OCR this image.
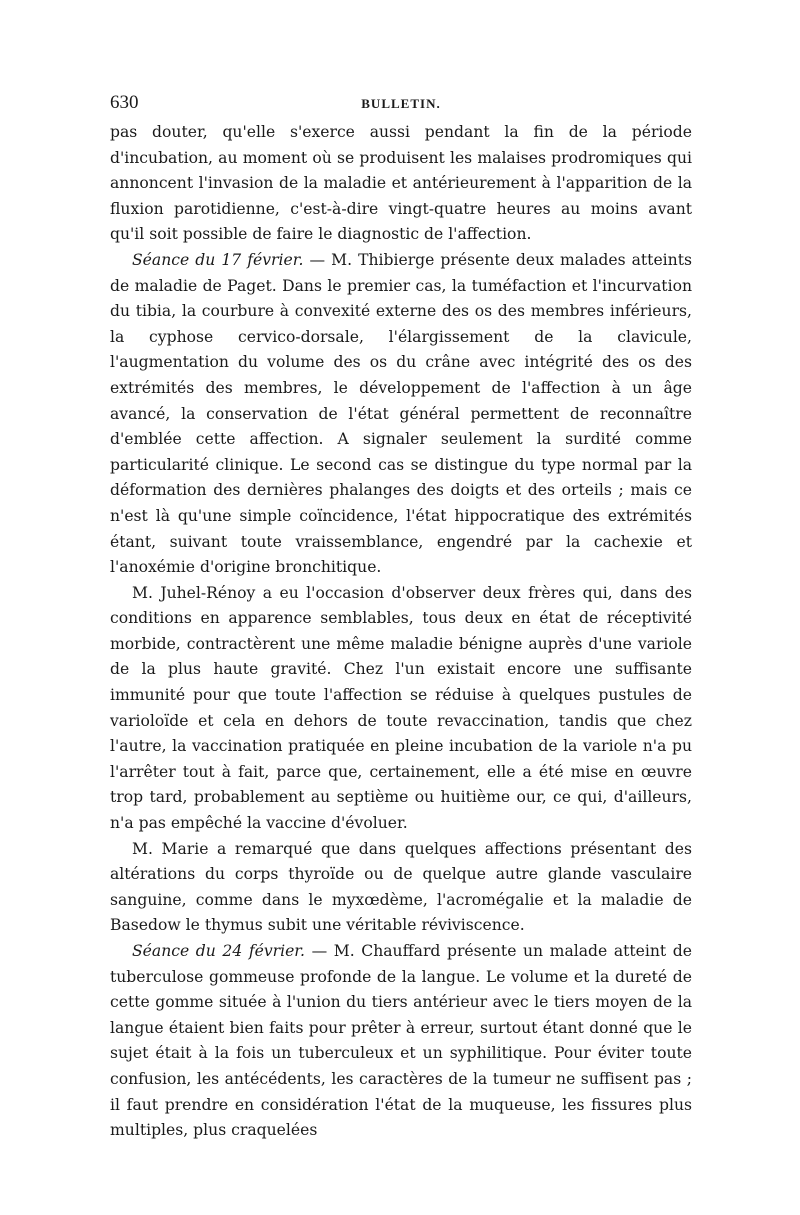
630	BULLETIN.

pas douter, qu'elle s'exerce aussi pendant la fin de la période d'incubation, au moment où se produisent les malaises prodromiques qui annoncent l'invasion de la maladie et antérieurement à l'apparition de la fluxion parotidienne, c'est-à-dire vingt-quatre heures au moins avant qu'il soit possible de faire le diagnostic de l'affection.

Séance du 17 février. — M. Thibierge présente deux malades atteints de maladie de Paget. Dans le premier cas, la tuméfaction et l'incurvation du tibia, la courbure à convexité externe des os des membres inférieurs, la cyphose cervico-dorsale, l'élargissement de la clavicule, l'augmentation du volume des os du crâne avec intégrité des os des extrémités des membres, le développement de l'affection à un âge avancé, la conservation de l'état général permettent de reconnaître d'emblée cette affection. A signaler seulement la surdité comme particularité clinique. Le second cas se distingue du type normal par la déformation des dernières phalanges des doigts et des orteils ; mais ce n'est là qu'une simple coïncidence, l'état hippocratique des extrémités étant, suivant toute vraissemblance, engendré par la cachexie et l'anoxémie d'origine bronchitique.

M. Juhel-Rénoy a eu l'occasion d'observer deux frères qui, dans des conditions en apparence semblables, tous deux en état de réceptivité morbide, contractèrent une même maladie bénigne auprès d'une variole de la plus haute gravité. Chez l'un existait encore une suffisante immunité pour que toute l'affection se réduise à quelques pustules de varioloïde et cela en dehors de toute revaccination, tandis que chez l'autre, la vaccination pratiquée en pleine incubation de la variole n'a pu l'arrêter tout à fait, parce que, certainement, elle a été mise en œuvre trop tard, probablement au septième ou huitième our, ce qui, d'ailleurs, n'a pas empêché la vaccine d'évoluer.

M. Marie a remarqué que dans quelques affections présentant des altérations du corps thyroïde ou de quelque autre glande vasculaire sanguine, comme dans le myxœdème, l'acromégalie et la maladie de Basedow le thymus subit une véritable réviviscence.

Séance du 24 février. — M. Chauffard présente un malade atteint de tuberculose gommeuse profonde de la langue. Le volume et la dureté de cette gomme située à l'union du tiers antérieur avec le tiers moyen de la langue étaient bien faits pour prêter à erreur, surtout étant donné que le sujet était à la fois un tuberculeux et un syphilitique. Pour éviter toute confusion, les antécédents, les caractères de la tumeur ne suffisent pas ; il faut prendre en considération l'état de la muqueuse, les fissures plus multiples, plus craquelées
